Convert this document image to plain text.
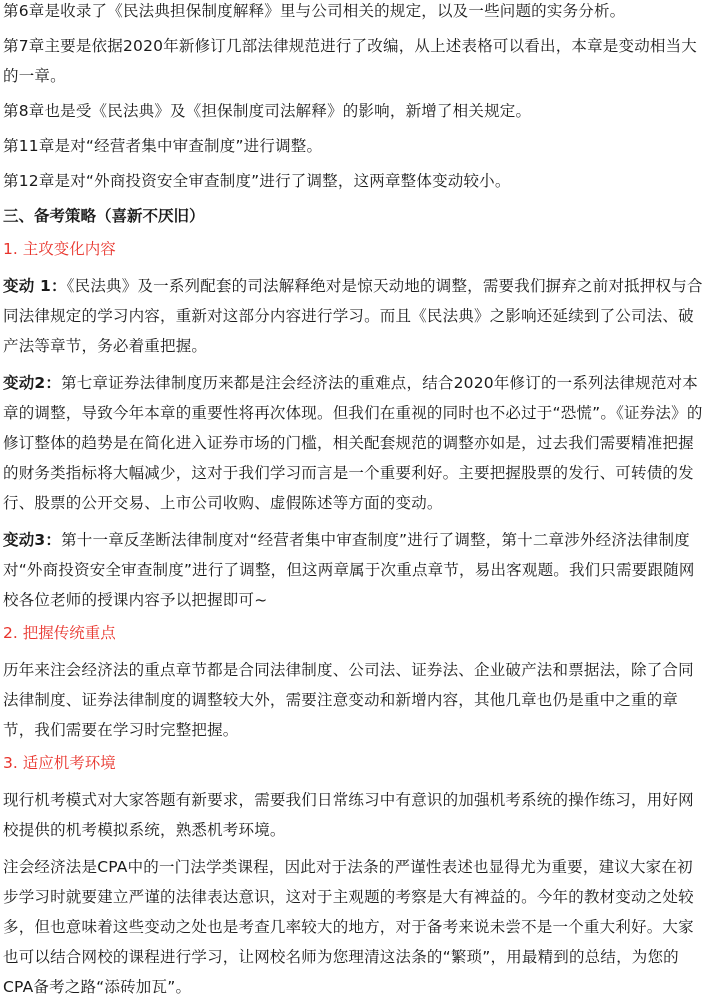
第6章是收录了《民法典担保制度解释》里与公司相关的规定，以及一些问题的实务分析。

第7章主要是依据2020年新修订几部法律规范进行了改编，从上述表格可以看出，本章是变动相当大的一章。

第8章也是受《民法典》及《担保制度司法解释》的影响，新增了相关规定。

第11章是对“经营者集中审查制度”进行调整。

第12章是对“外商投资安全审查制度”进行了调整，这两章整体变动较小。

三、备考策略（喜新不厌旧）
1. 主攻变化内容

变动 1：《民法典》及一系列配套的司法解释绝对是惊天动地的调整，需要我们摒弃之前对抵押权与合同法律规定的学习内容，重新对这部分内容进行学习。而且《民法典》之影响还延续到了公司法、破产法等章节，务必着重把握。

变动2：第七章证券法律制度历来都是注会经济法的重难点，结合2020年修订的一系列法律规范对本章的调整，导致今年本章的重要性将再次体现。但我们在重视的同时也不必过于“恐慌”。《证券法》的修订整体的趋势是在简化进入证券市场的门槛，相关配套规范的调整亦如是，过去我们需要精准把握的财务类指标将大幅减少，这对于我们学习而言是一个重要利好。主要把握股票的发行、可转债的发行、股票的公开交易、上市公司收购、虚假陈述等方面的变动。

变动3：第十一章反垄断法律制度对“经营者集中审查制度”进行了调整，第十二章涉外经济法律制度对“外商投资安全审查制度”进行了调整，但这两章属于次重点章节，易出客观题。我们只需要跟随网校各位老师的授课内容予以把握即可~

2. 把握传统重点

历年来注会经济法的重点章节都是合同法律制度、公司法、证券法、企业破产法和票据法，除了合同法律制度、证券法律制度的调整较大外，需要注意变动和新增内容，其他几章也仍是重中之重的章节，我们需要在学习时完整把握。

3. 适应机考环境

现行机考模式对大家答题有新要求，需要我们日常练习中有意识的加强机考系统的操作练习，用好网校提供的机考模拟系统，熟悉机考环境。

注会经济法是CPA中的一门法学类课程，因此对于法条的严谨性表述也显得尤为重要，建议大家在初步学习时就要建立严谨的法律表达意识，这对于主观题的考察是大有裨益的。今年的教材变动之处较多，但也意味着这些变动之处也是考查几率较大的地方，对于备考来说未尝不是一个重大利好。大家也可以结合网校的课程进行学习，让网校名师为您理清这法条的“繁琐”，用最精到的总结，为您的CPA备考之路“添砖加瓦”。
